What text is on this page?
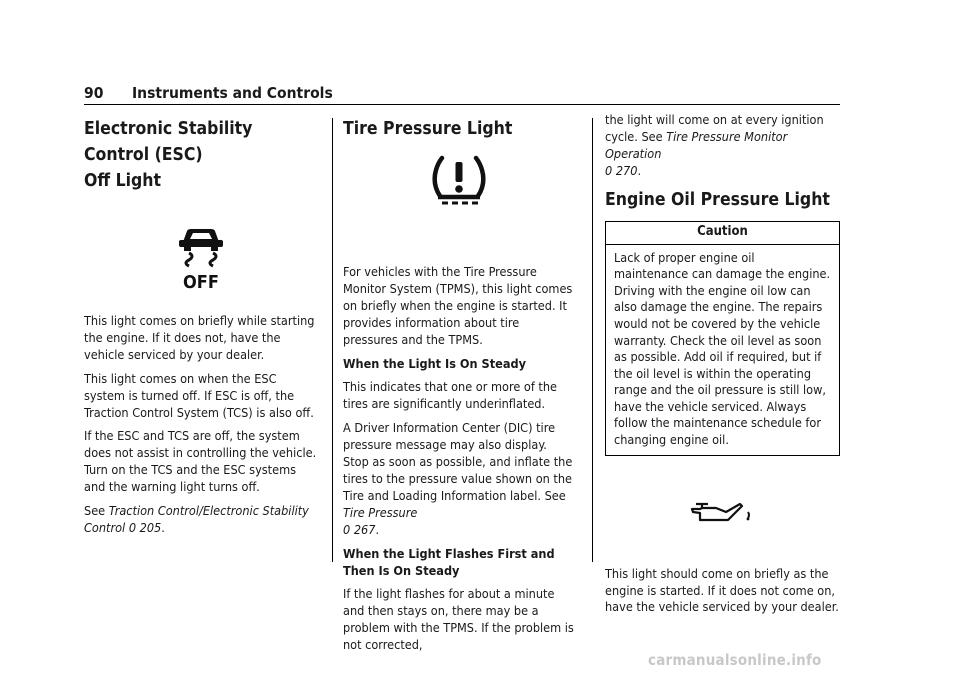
90 Instruments and Controls
Electronic Stability Control (ESC)
Off Light
OFF

This light comes on briefly while starting the engine. If it does not, have the vehicle serviced by your dealer.

This light comes on when the ESC system is turned off. If ESC is off, the Traction Control System (TCS) is also off.

If the ESC and TCS are off, the system does not assist in controlling the vehicle. Turn on the TCS and the ESC systems and the warning light turns off.

See Traction Control/Electronic Stability Control 0 205.

Tire Pressure Light

For vehicles with the Tire Pressure Monitor System (TPMS), this light comes on briefly when the engine is started. It provides information about tire pressures and the TPMS.

When the Light Is On Steady

This indicates that one or more of the tires are significantly underinflated.

A Driver Information Center (DIC) tire pressure message may also display. Stop as soon as possible, and inflate the tires to the pressure value shown on the Tire and Loading Information label. See Tire Pressure
0 267.

When the Light Flashes First and Then Is On Steady

If the light flashes for about a minute and then stays on, there may be a problem with the TPMS. If the problem is not corrected,

the light will come on at every ignition cycle. See Tire Pressure Monitor Operation
0 270.

Engine Oil Pressure Light
Caution
Lack of proper engine oil maintenance can damage the engine. Driving with the engine oil low can also damage the engine. The repairs would not be covered by the vehicle warranty. Check the oil level as soon as possible. Add oil if required, but if the oil level is within the operating range and the oil pressure is still low, have the vehicle serviced. Always follow the maintenance schedule for changing engine oil.

This light should come on briefly as the engine is started. If it does not come on, have the vehicle serviced by your dealer.

carmanualsonline.info
